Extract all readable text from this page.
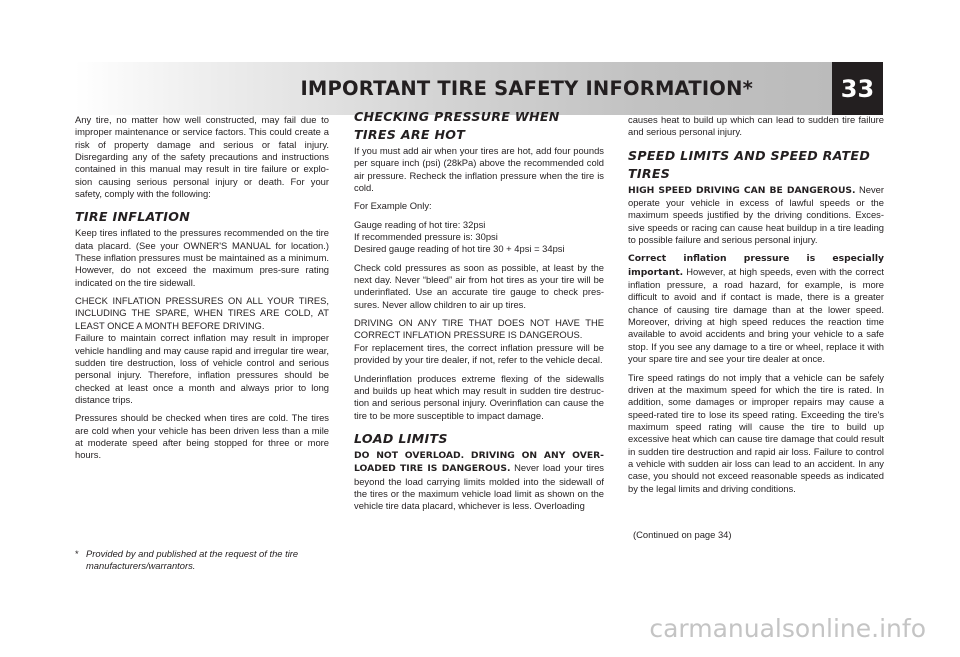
IMPORTANT TIRE SAFETY INFORMATION*	33

Any tire, no matter how well constructed, may fail due to improper maintenance or service factors. This could create a risk of property damage and serious or fatal injury. Disregarding any of the safety precautions and instructions contained in this manual may result in tire failure or explo-sion causing serious personal injury or death. For your safety, comply with the following:

TIRE INFLATION

Keep tires inflated to the pressures recommended on the tire data placard. (See your OWNER'S MANUAL for location.) These inflation pressures must be maintained as a minimum. However, do not exceed the maximum pres-sure rating indicated on the tire sidewall.

CHECK INFLATION PRESSURES ON ALL YOUR TIRES, INCLUDING THE SPARE, WHEN TIRES ARE COLD, AT LEAST ONCE A MONTH BEFORE DRIVING.

Failure to maintain correct inflation may result in improper vehicle handling and may cause rapid and irregular tire wear, sudden tire destruction, loss of vehicle control and serious personal injury. Therefore, inflation pressures should be checked at least once a month and always prior to long distance trips.

Pressures should be checked when tires are cold. The tires are cold when your vehicle has been driven less than a mile at moderate speed after being stopped for three or more hours.

CHECKING PRESSURE WHEN TIRES ARE HOT

If you must add air when your tires are hot, add four pounds per square inch (psi) (28kPa) above the recommended cold air pressure. Recheck the inflation pressure when the tire is cold.

For Example Only:

Gauge reading of hot tire: 32psi

If recommended pressure is: 30psi

Desired gauge reading of hot tire 30 + 4psi = 34psi

Check cold pressures as soon as possible, at least by the next day. Never “bleed” air from hot tires as your tire will be underinflated. Use an accurate tire gauge to check pres-sures. Never allow children to air up tires.

DRIVING ON ANY TIRE THAT DOES NOT HAVE THE CORRECT INFLATION PRESSURE IS DANGEROUS.

For replacement tires, the correct inflation pressure will be provided by your tire dealer, if not, refer to the vehicle decal.

Underinflation produces extreme flexing of the sidewalls and builds up heat which may result in sudden tire destruc-tion and serious personal injury. Overinflation can cause the tire to be more susceptible to impact damage.

LOAD LIMITS

DO NOT OVERLOAD. DRIVING ON ANY OVER-LOADED TIRE IS DANGEROUS. Never load your tires beyond the load carrying limits molded into the sidewall of the tires or the maximum vehicle load limit as shown on the vehicle tire data placard, whichever is less. Overloading

causes heat to build up which can lead to sudden tire failure and serious personal injury.

SPEED LIMITS AND SPEED RATED TIRES

HIGH SPEED DRIVING CAN BE DANGEROUS. Never operate your vehicle in excess of lawful speeds or the maximum speeds justified by the driving conditions. Exces-sive speeds or racing can cause heat buildup in a tire leading to possible failure and serious personal injury.

Correct inflation pressure is especially important. However, at high speeds, even with the correct inflation pressure, a road hazard, for example, is more difficult to avoid and if contact is made, there is a greater chance of causing tire damage than at the lower speed. Moreover, driving at high speed reduces the reaction time available to avoid accidents and bring your vehicle to a safe stop. If you see any damage to a tire or wheel, replace it with your spare tire and see your tire dealer at once.

Tire speed ratings do not imply that a vehicle can be safely driven at the maximum speed for which the tire is rated. In addition, some damages or improper repairs may cause a speed-rated tire to lose its speed rating. Exceeding the tire's maximum speed rating will cause the tire to build up excessive heat which can cause tire damage that could result in sudden tire destruction and rapid air loss. Failure to control a vehicle with sudden air loss can lead to an accident. In any case, you should not exceed reasonable speeds as indicated by the legal limits and driving conditions.

(Continued on page 34)
* Provided by and published at the request of the tire manufacturers/warrantors.
carmanualsonline.info
